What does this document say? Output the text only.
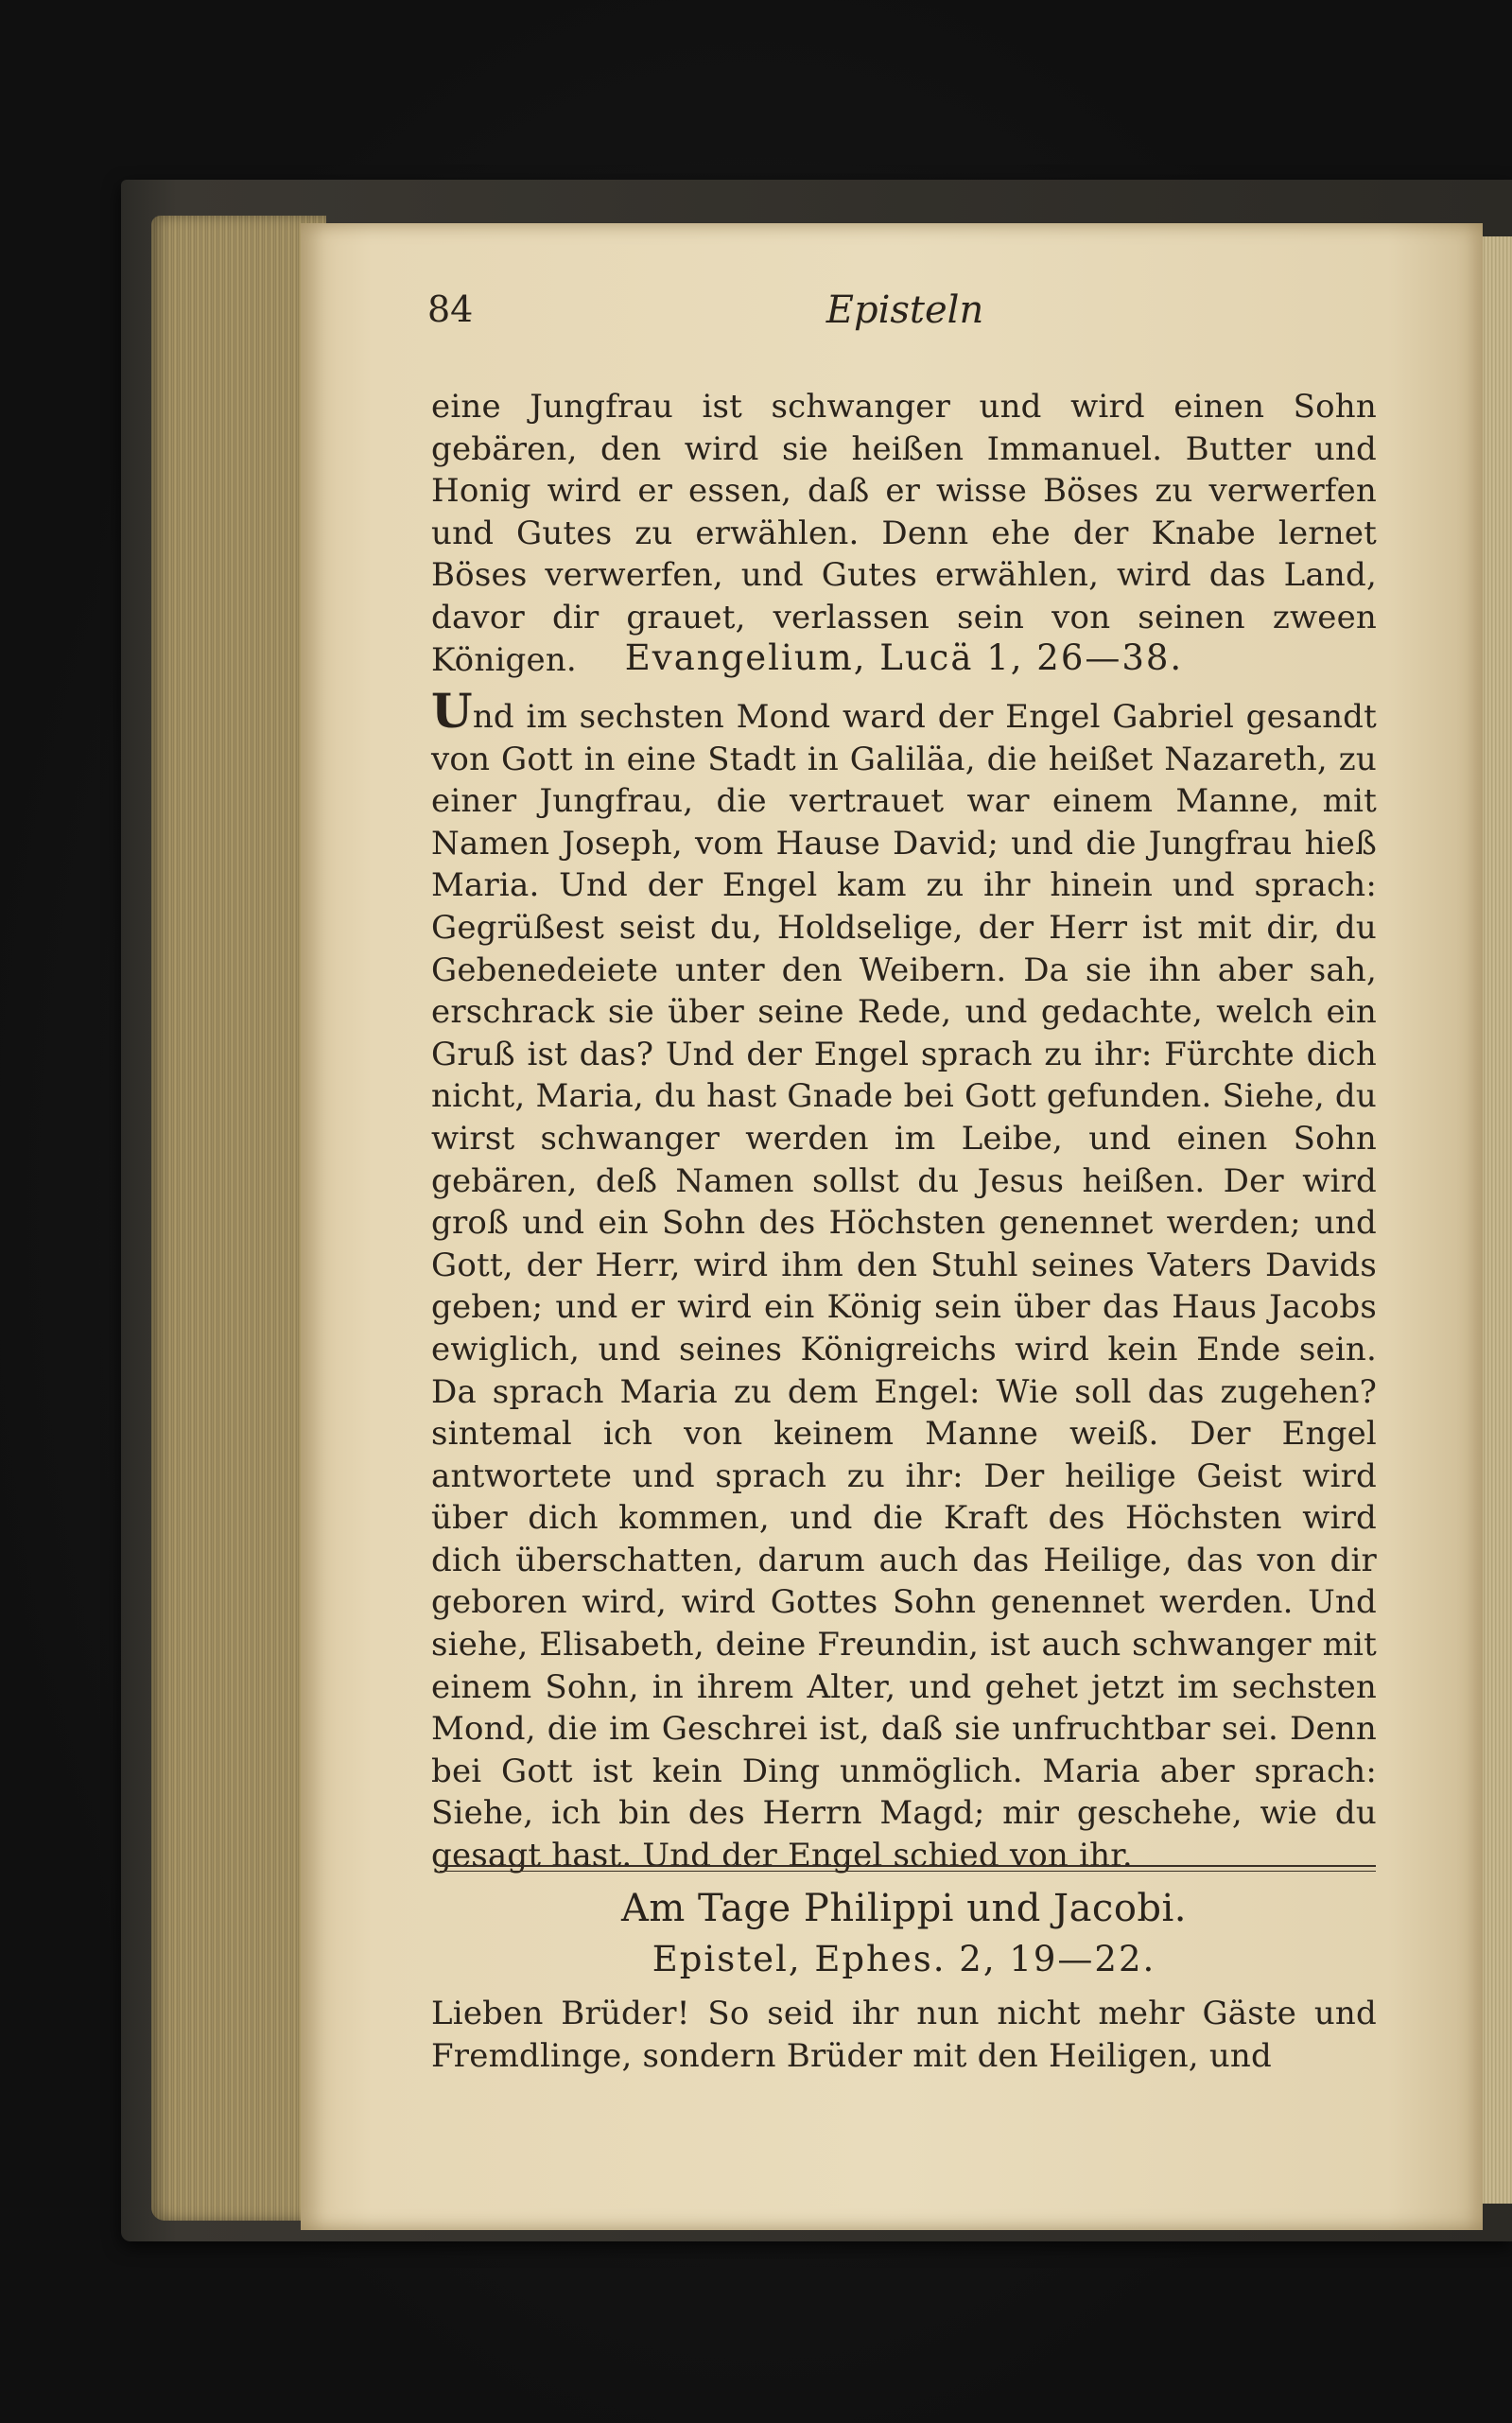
84	Episteln
eine Jungfrau ist schwanger und wird einen Sohn gebären, den wird sie heißen Immanuel. Butter und Honig wird er essen, daß er wisse Böses zu verwerfen und Gutes zu erwählen. Denn ehe der Knabe lernet Böses verwerfen, und Gutes erwählen, wird das Land, davor dir grauet, verlassen sein von seinen zween Königen.	Evangelium, Lucä 1, 26—38.
Und im sechsten Mond ward der Engel Gabriel gesandt von Gott in eine Stadt in Galiläa, die heißet Nazareth, zu einer Jungfrau, die vertrauet war einem Manne, mit Namen Joseph, vom Hause David; und die Jungfrau hieß Maria. Und der Engel kam zu ihr hinein und sprach: Gegrüßest seist du, Holdselige, der Herr ist mit dir, du Gebenedeiete unter den Weibern. Da sie ihn aber sah, erschrack sie über seine Rede, und gedachte, welch ein Gruß ist das? Und der Engel sprach zu ihr: Fürchte dich nicht, Maria, du hast Gnade bei Gott gefunden. Siehe, du wirst schwanger werden im Leibe, und einen Sohn gebären, deß Namen sollst du Jesus heißen. Der wird groß und ein Sohn des Höchsten genennet werden; und Gott, der Herr, wird ihm den Stuhl seines Vaters Davids geben; und er wird ein König sein über das Haus Jacobs ewiglich, und seines Königreichs wird kein Ende sein. Da sprach Maria zu dem Engel: Wie soll das zugehen? sintemal ich von keinem Manne weiß. Der Engel antwortete und sprach zu ihr: Der heilige Geist wird über dich kommen, und die Kraft des Höchsten wird dich überschatten, darum auch das Heilige, das von dir geboren wird, wird Gottes Sohn genennet werden. Und siehe, Elisabeth, deine Freundin, ist auch schwanger mit einem Sohn, in ihrem Alter, und gehet jetzt im sechsten Mond, die im Geschrei ist, daß sie unfruchtbar sei. Denn bei Gott ist kein Ding unmöglich. Maria aber sprach: Siehe, ich bin des Herrn Magd; mir geschehe, wie du gesagt hast. Und der Engel schied von ihr.
Am Tage Philippi und Jacobi.
Epistel, Ephes. 2, 19—22.
Lieben Brüder! So seid ihr nun nicht mehr Gäste und Fremdlinge, sondern Brüder mit den Heiligen, und
